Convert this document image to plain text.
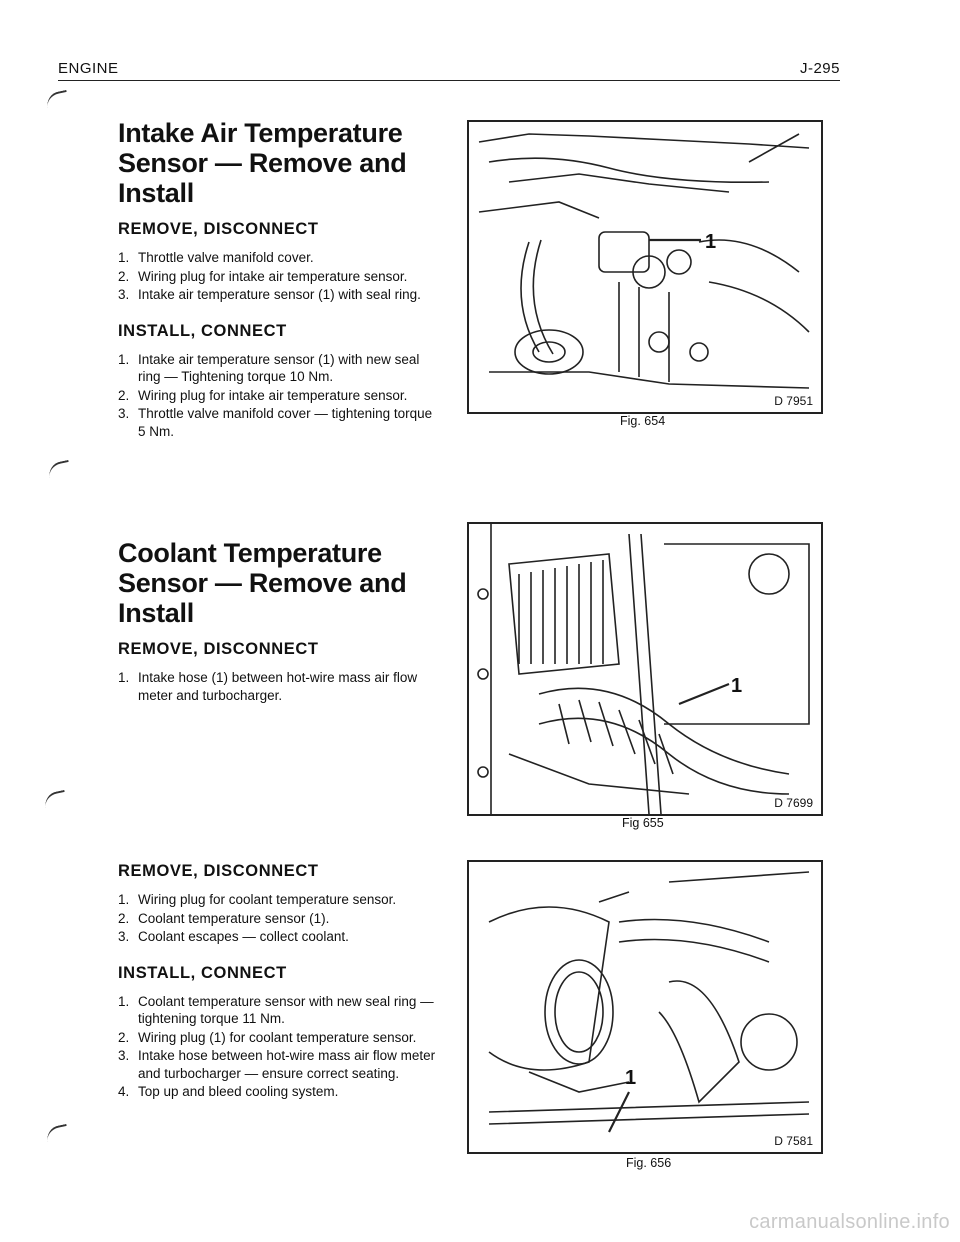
ENGINE	J-295
Intake Air Temperature
Sensor — Remove and
Install
REMOVE, DISCONNECT
1. Throttle valve manifold cover.
2. Wiring plug for intake air temperature sensor.
3. Intake air temperature sensor (1) with seal ring.
INSTALL, CONNECT
1. Intake air temperature sensor (1) with new seal ring — Tightening torque 10 Nm.
2. Wiring plug for intake air temperature sensor.
3. Throttle valve manifold cover — tightening torque 5 Nm.
Coolant Temperature
Sensor — Remove and
Install
REMOVE, DISCONNECT
1. Intake hose (1) between hot-wire mass air flow meter and turbocharger.
REMOVE, DISCONNECT
1. Wiring plug for coolant temperature sensor.
2. Coolant temperature sensor (1).
3. Coolant escapes — collect coolant.
INSTALL, CONNECT
1. Coolant temperature sensor with new seal ring — tightening torque 11 Nm.
2. Wiring plug (1) for coolant temperature sensor.
3. Intake hose between hot-wire mass air flow meter and turbocharger — ensure correct seating.
4. Top up and bleed cooling system.
1
D 7951
Fig. 654
1
D 7699
Fig 655
1
D 7581
Fig. 656
carmanualsonline.info
